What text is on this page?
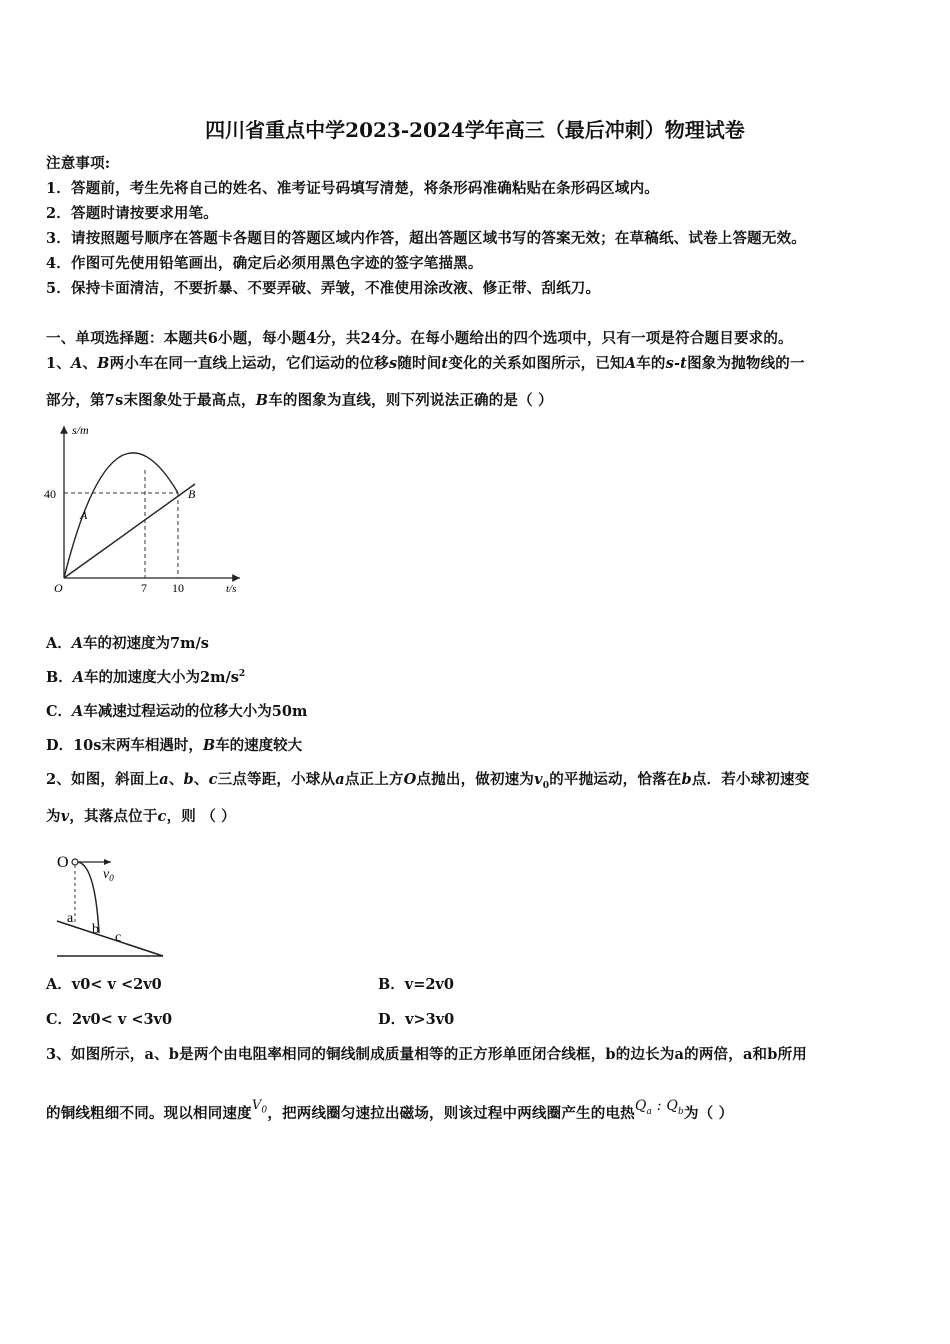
四川省重点中学2023-2024学年高三（最后冲刺）物理试卷
注意事项:
1．答题前，考生先将自己的姓名、准考证号码填写清楚，将条形码准确粘贴在条形码区域内。
2．答题时请按要求用笔。
3．请按照题号顺序在答题卡各题目的答题区域内作答，超出答题区域书写的答案无效；在草稿纸、试卷上答题无效。
4．作图可先使用铅笔画出，确定后必须用黑色字迹的签字笔描黑。
5．保持卡面清洁，不要折暴、不要弄破、弄皱，不准使用涂改液、修正带、刮纸刀。
一、单项选择题：本题共6小题，每小题4分，共24分。在每小题给出的四个选项中，只有一项是符合题目要求的。
1、A、B两小车在同一直线上运动，它们运动的位移s随时间t变化的关系如图所示，已知A车的s-t图象为抛物线的一
部分，第7s末图象处于最高点，B车的图象为直线，则下列说法正确的是（ ）
s/m
t/s
O
40
7 10
A
B
A．A车的初速度为7m/s
B．A车的加速度大小为$2m/s^2$
C．A车减速过程运动的位移大小为50m
D．10s末两车相遇时，B车的速度较大
2、如图，斜面上a、b、c三点等距，小球从a点正上方O点抛出，做初速为$v_0$的平抛运动，恰落在b点．若小球初速变
为v，其落点位于c，则 （ ）
O
$v_0$
a
b
c
A．v0< v <2v0	B．v=2v0
C．2v0< v <3v0	D．v>3v0
3、如图所示，a、b是两个由电阻率相同的铜线制成质量相等的正方形单匝闭合线框，b的边长为a的两倍，a和b所用
的铜线粗细不同。现以相同速度$V_0$，把两线圈匀速拉出磁场，则该过程中两线圈产生的电热$Q_a$ : $Q_b$为（ ）
